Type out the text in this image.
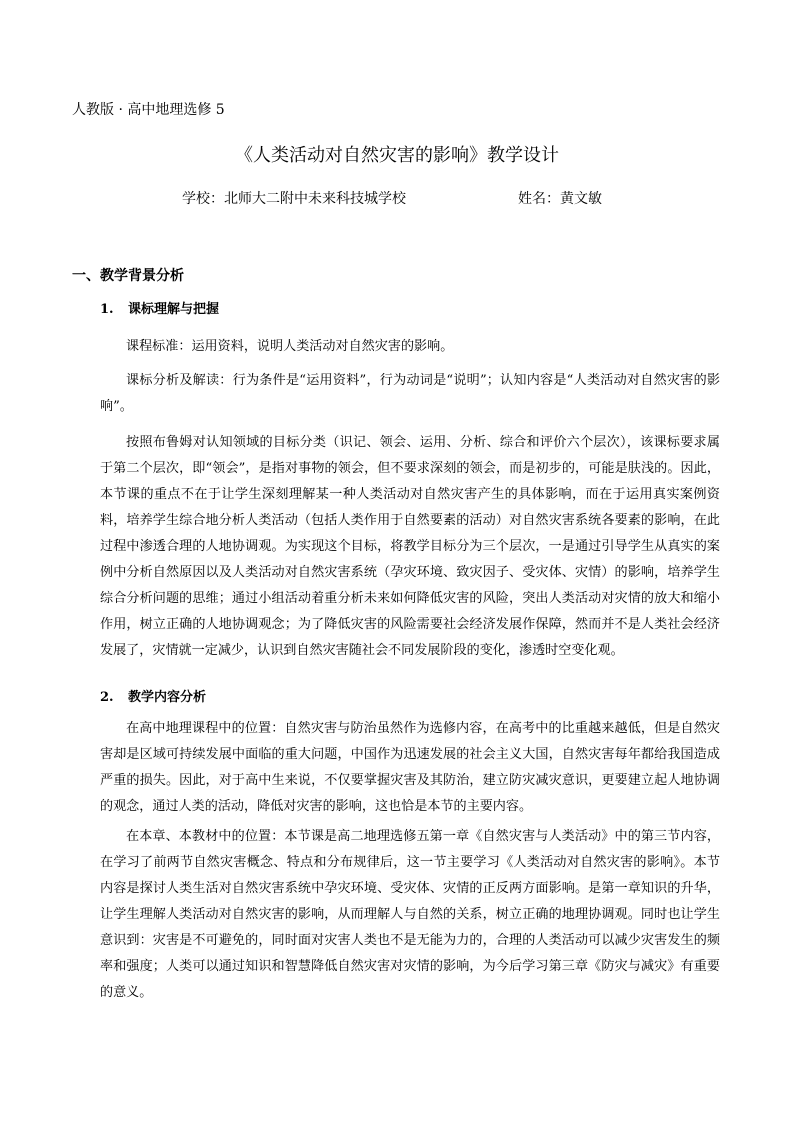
人教版 · 高中地理选修 5
《人类活动对自然灾害的影响》教学设计
学校：北师大二附中未来科技城学校	姓名：黄文敏
一、教学背景分析
1. 课标理解与把握
课程标准：运用资料，说明人类活动对自然灾害的影响。
课标分析及解读：行为条件是“运用资料”，行为动词是“说明”；认知内容是“人类活动对自然灾害的影响”。
按照布鲁姆对认知领域的目标分类（识记、领会、运用、分析、综合和评价六个层次），该课标要求属于第二个层次，即“领会”，是指对事物的领会，但不要求深刻的领会，而是初步的，可能是肤浅的。因此，本节课的重点不在于让学生深刻理解某一种人类活动对自然灾害产生的具体影响，而在于运用真实案例资料，培养学生综合地分析人类活动（包括人类作用于自然要素的活动）对自然灾害系统各要素的影响，在此过程中渗透合理的人地协调观。为实现这个目标，将教学目标分为三个层次，一是通过引导学生从真实的案例中分析自然原因以及人类活动对自然灾害系统（孕灾环境、致灾因子、受灾体、灾情）的影响，培养学生综合分析问题的思维；通过小组活动着重分析未来如何降低灾害的风险，突出人类活动对灾情的放大和缩小作用，树立正确的人地协调观念；为了降低灾害的风险需要社会经济发展作保障，然而并不是人类社会经济发展了，灾情就一定减少，认识到自然灾害随社会不同发展阶段的变化，渗透时空变化观。
2. 教学内容分析
在高中地理课程中的位置：自然灾害与防治虽然作为选修内容，在高考中的比重越来越低，但是自然灾害却是区域可持续发展中面临的重大问题，中国作为迅速发展的社会主义大国，自然灾害每年都给我国造成严重的损失。因此，对于高中生来说，不仅要掌握灾害及其防治，建立防灾减灾意识，更要建立起人地协调的观念，通过人类的活动，降低对灾害的影响，这也恰是本节的主要内容。
在本章、本教材中的位置：本节课是高二地理选修五第一章《自然灾害与人类活动》中的第三节内容，在学习了前两节自然灾害概念、特点和分布规律后，这一节主要学习《人类活动对自然灾害的影响》。本节内容是探讨人类生活对自然灾害系统中孕灾环境、受灾体、灾情的正反两方面影响。是第一章知识的升华，让学生理解人类活动对自然灾害的影响，从而理解人与自然的关系，树立正确的地理协调观。同时也让学生意识到：灾害是不可避免的，同时面对灾害人类也不是无能为力的，合理的人类活动可以减少灾害发生的频率和强度；人类可以通过知识和智慧降低自然灾害对灾情的影响，为今后学习第三章《防灾与减灾》有重要的意义。
